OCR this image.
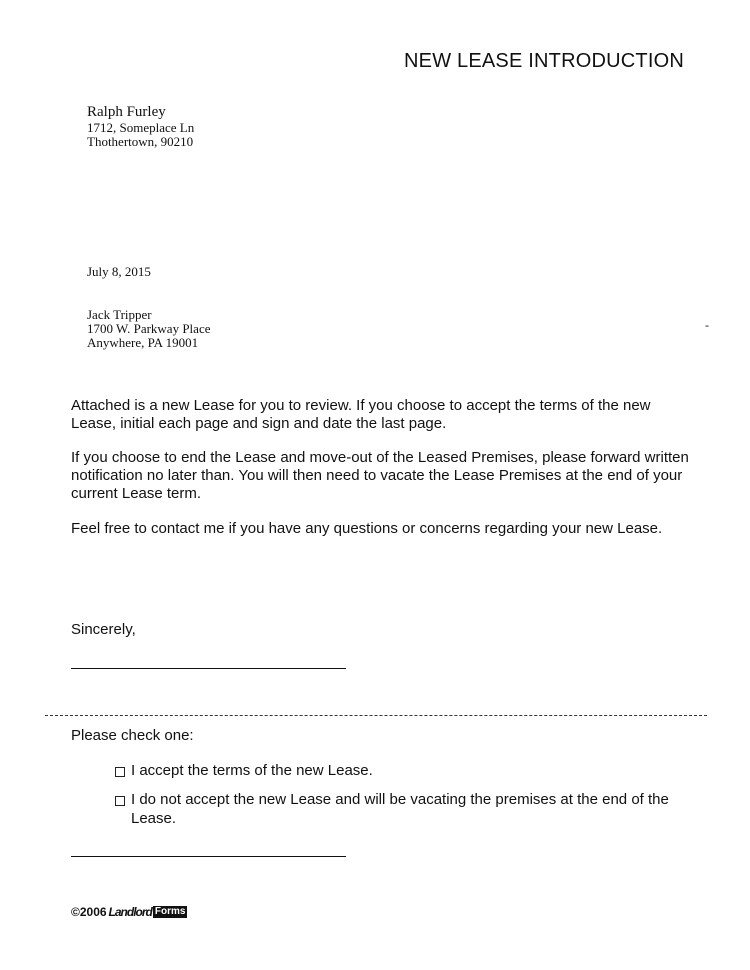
NEW LEASE INTRODUCTION
Ralph Furley
1712, Someplace Ln
Thothertown, 90210
July 8, 2015
Jack Tripper
1700 W. Parkway Place
Anywhere, PA 19001
-
Attached is a new Lease for you to review. If you choose to accept the terms of the new Lease, initial each page and sign and date the last page.
If you choose to end the Lease and move-out of the Leased Premises, please forward written notification no later than. You will then need to vacate the Lease Premises at the end of your current Lease term.
Feel free to contact me if you have any questions or concerns regarding your new Lease.
Sincerely,
Please check one:
I accept the terms of the new Lease.
I do not accept the new Lease and will be vacating the premises at the end of the Lease.
©2006 Landlord Forms
